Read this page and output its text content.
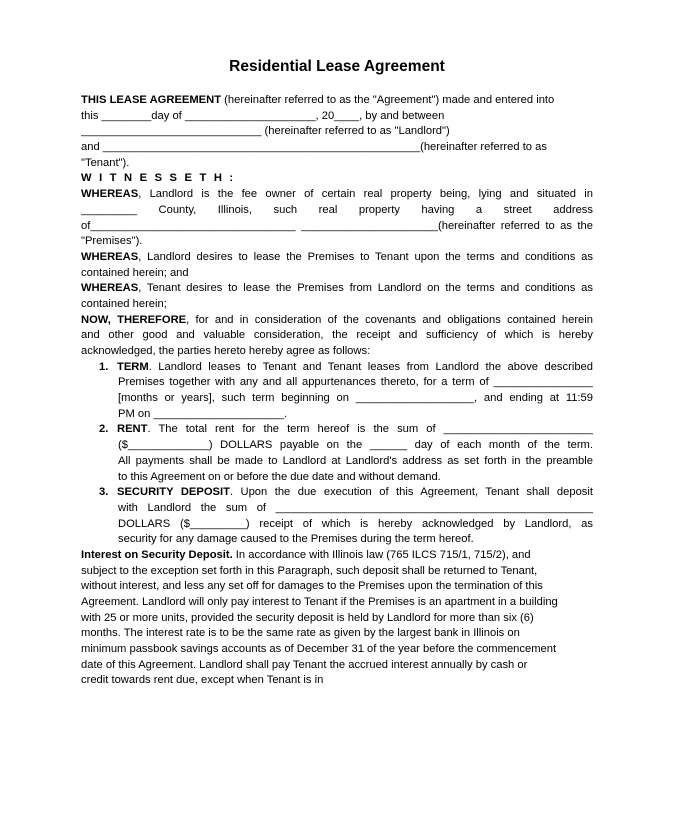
Residential Lease Agreement
THIS LEASE AGREEMENT (hereinafter referred to as the "Agreement") made and entered into
this ________day of _____________________, 20____, by and between
_____________________________ (hereinafter referred to as "Landlord")
and ___________________________________________________(hereinafter referred to as
"Tenant").
W I T N E S S E T H :
WHEREAS, Landlord is the fee owner of certain real property being, lying and situated in
_________ County, Illinois, such real property having a street address
of_________________________________ ______________________(hereinafter referred to as the
"Premises").
WHEREAS, Landlord desires to lease the Premises to Tenant upon the terms and conditions as
contained herein; and
WHEREAS, Tenant desires to lease the Premises from Landlord on the terms and conditions as
contained herein;
NOW, THEREFORE, for and in consideration of the covenants and obligations contained herein
and other good and valuable consideration, the receipt and sufficiency of which is hereby
acknowledged, the parties hereto hereby agree as follows:
1. TERM. Landlord leases to Tenant and Tenant leases from Landlord the above described
Premises together with any and all appurtenances thereto, for a term of ________________
[months or years], such term beginning on ___________________, and ending at 11:59
PM on _____________________.
2. RENT. The total rent for the term hereof is the sum of ________________________
($_____________) DOLLARS payable on the ______ day of each month of the term.
All payments shall be made to Landlord at Landlord's address as set forth in the preamble
to this Agreement on or before the due date and without demand.
3. SECURITY DEPOSIT. Upon the due execution of this Agreement, Tenant shall deposit
with Landlord the sum of ___________________________________________________
DOLLARS ($_________) receipt of which is hereby acknowledged by Landlord, as
security for any damage caused to the Premises during the term hereof.
Interest on Security Deposit. In accordance with Illinois law (765 ILCS 715/1, 715/2), and
subject to the exception set forth in this Paragraph, such deposit shall be returned to Tenant,
without interest, and less any set off for damages to the Premises upon the termination of this
Agreement. Landlord will only pay interest to Tenant if the Premises is an apartment in a building
with 25 or more units, provided the security deposit is held by Landlord for more than six (6)
months. The interest rate is to be the same rate as given by the largest bank in Illinois on
minimum passbook savings accounts as of December 31 of the year before the commencement
date of this Agreement. Landlord shall pay Tenant the accrued interest annually by cash or
credit towards rent due, except when Tenant is in
